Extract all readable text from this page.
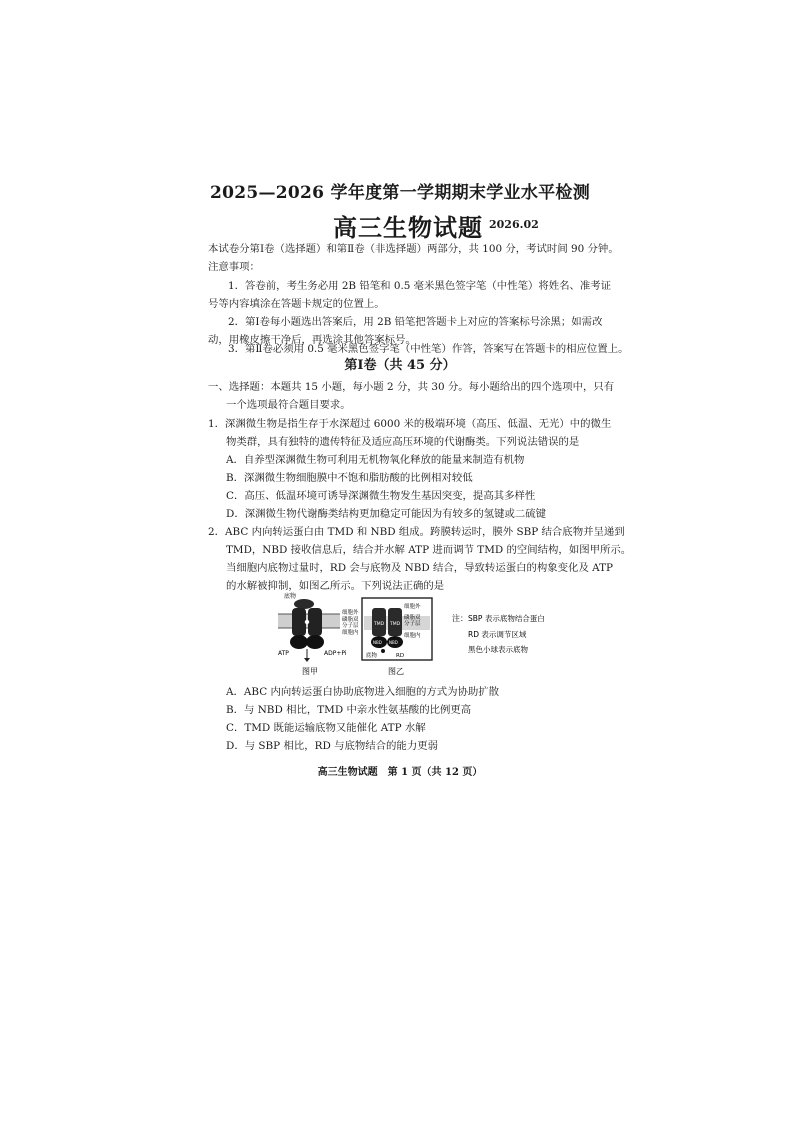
2025—2026 学年度第一学期期末学业水平检测
高三生物试题 2026.02
本试卷分第Ⅰ卷（选择题）和第Ⅱ卷（非选择题）两部分，共 100 分，考试时间 90 分钟。
注意事项：
1．答卷前，考生务必用 2B 铅笔和 0.5 毫米黑色签字笔（中性笔）将姓名、准考证
号等内容填涂在答题卡规定的位置上。
2．第Ⅰ卷每小题选出答案后，用 2B 铅笔把答题卡上对应的答案标号涂黑；如需改
动，用橡皮擦干净后，再选涂其他答案标号。
3．第Ⅱ卷必须用 0.5 毫米黑色签字笔（中性笔）作答，答案写在答题卡的相应位置上。
第Ⅰ卷（共 45 分）
一、选择题：本题共 15 小题，每小题 2 分，共 30 分。每小题给出的四个选项中，只有
一个选项最符合题目要求。
1．深渊微生物是指生存于水深超过 6000 米的极端环境（高压、低温、无光）中的微生
物类群，具有独特的遗传特征及适应高压环境的代谢酶类。下列说法错误的是
A．自养型深渊微生物可利用无机物氧化释放的能量来制造有机物
B．深渊微生物细胞膜中不饱和脂肪酸的比例相对较低
C．高压、低温环境可诱导深渊微生物发生基因突变，提高其多样性
D．深渊微生物代谢酶类结构更加稳定可能因为有较多的氢键或二硫键
2．ABC 内向转运蛋白由 TMD 和 NBD 组成。跨膜转运时，膜外 SBP 结合底物并呈递到
TMD，NBD 接收信息后，结合并水解 ATP 进而调节 TMD 的空间结构，如图甲所示。
当细胞内底物过量时，RD 会与底物及 NBD 结合，导致转运蛋白的构象变化及 ATP
的水解被抑制，如图乙所示。下列说法正确的是
底物
细胞外
磷脂双
分子层
细胞内
ATP	ADP+Pi
图甲
TMD TMD
NBD NBD
细胞外
磷脂双
分子层
细胞内
底物	RD
图乙
注： SBP 表示底物结合蛋白
RD 表示调节区域
黑色小球表示底物
A．ABC 内向转运蛋白协助底物进入细胞的方式为协助扩散
B．与 NBD 相比，TMD 中亲水性氨基酸的比例更高
C．TMD 既能运输底物又能催化 ATP 水解
D．与 SBP 相比，RD 与底物结合的能力更弱
高三生物试题　第 1 页（共 12 页）
